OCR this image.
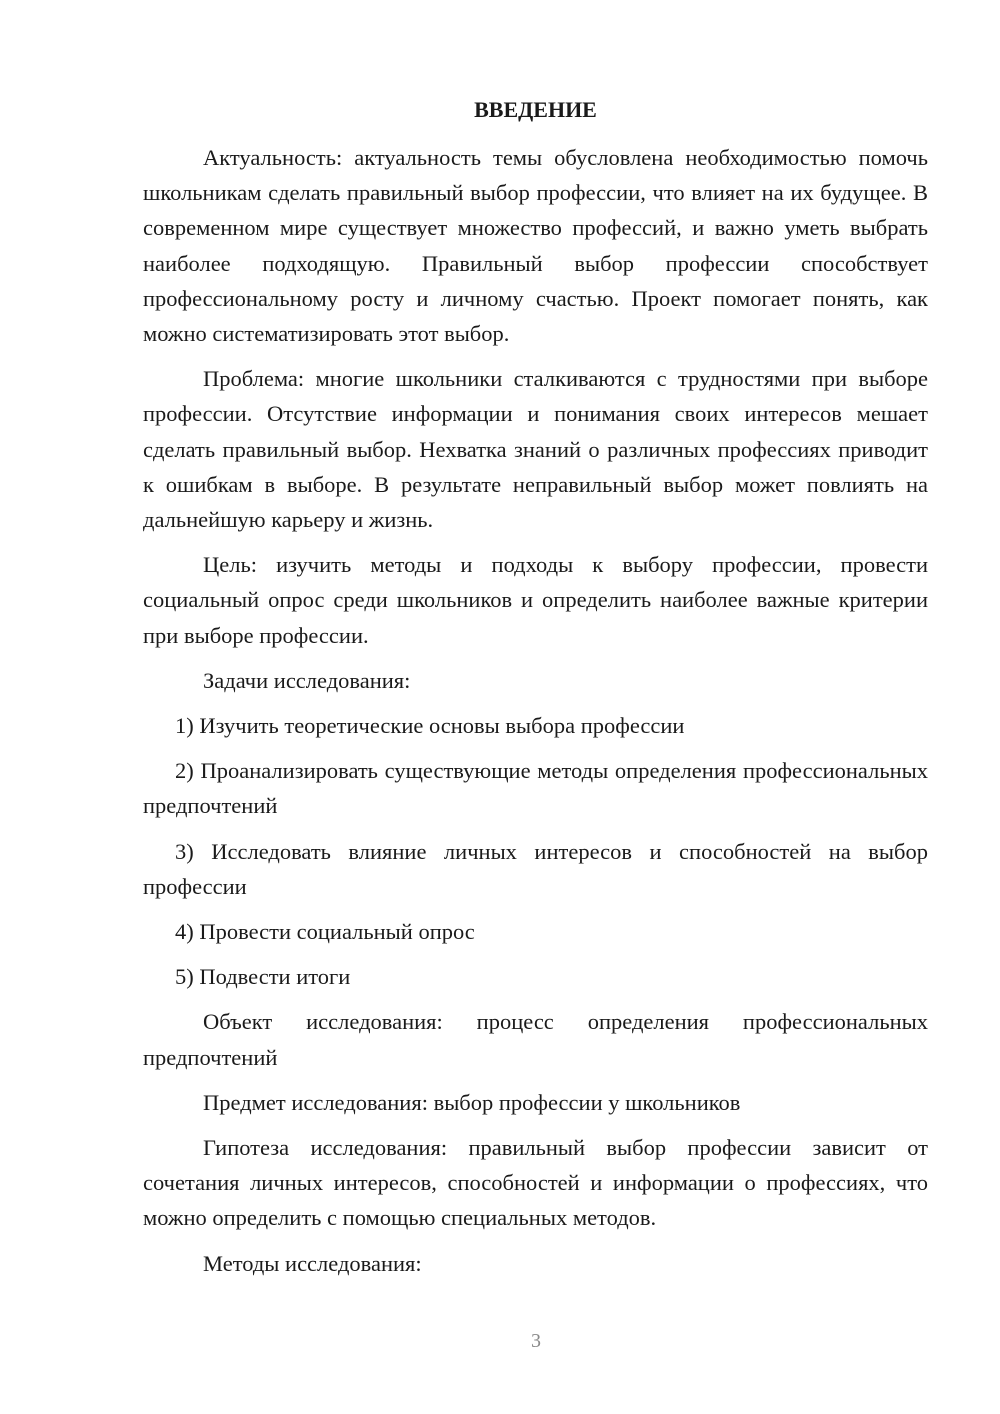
ВВЕДЕНИЕ

Актуальность: актуальность темы обусловлена необходимостью помочь школьникам сделать правильный выбор профессии, что влияет на их будущее. В современном мире существует множество профессий, и важно уметь выбрать наиболее подходящую. Правильный выбор профессии способствует профессиональному росту и личному счастью. Проект помогает понять, как можно систематизировать этот выбор.

Проблема: многие школьники сталкиваются с трудностями при выборе профессии. Отсутствие информации и понимания своих интересов мешает сделать правильный выбор. Нехватка знаний о различных профессиях приводит к ошибкам в выборе. В результате неправильный выбор может повлиять на дальнейшую карьеру и жизнь.

Цель: изучить методы и подходы к выбору профессии, провести социальный опрос среди школьников и определить наиболее важные критерии при выборе профессии.

Задачи исследования:

1) Изучить теоретические основы выбора профессии

2) Проанализировать существующие методы определения профессиональных предпочтений

3) Исследовать влияние личных интересов и способностей на выбор профессии

4) Провести социальный опрос

5) Подвести итоги

Объект исследования: процесс определения профессиональных предпочтений

Предмет исследования: выбор профессии у школьников

Гипотеза исследования: правильный выбор профессии зависит от сочетания личных интересов, способностей и информации о профессиях, что можно определить с помощью специальных методов.

Методы исследования:

3
